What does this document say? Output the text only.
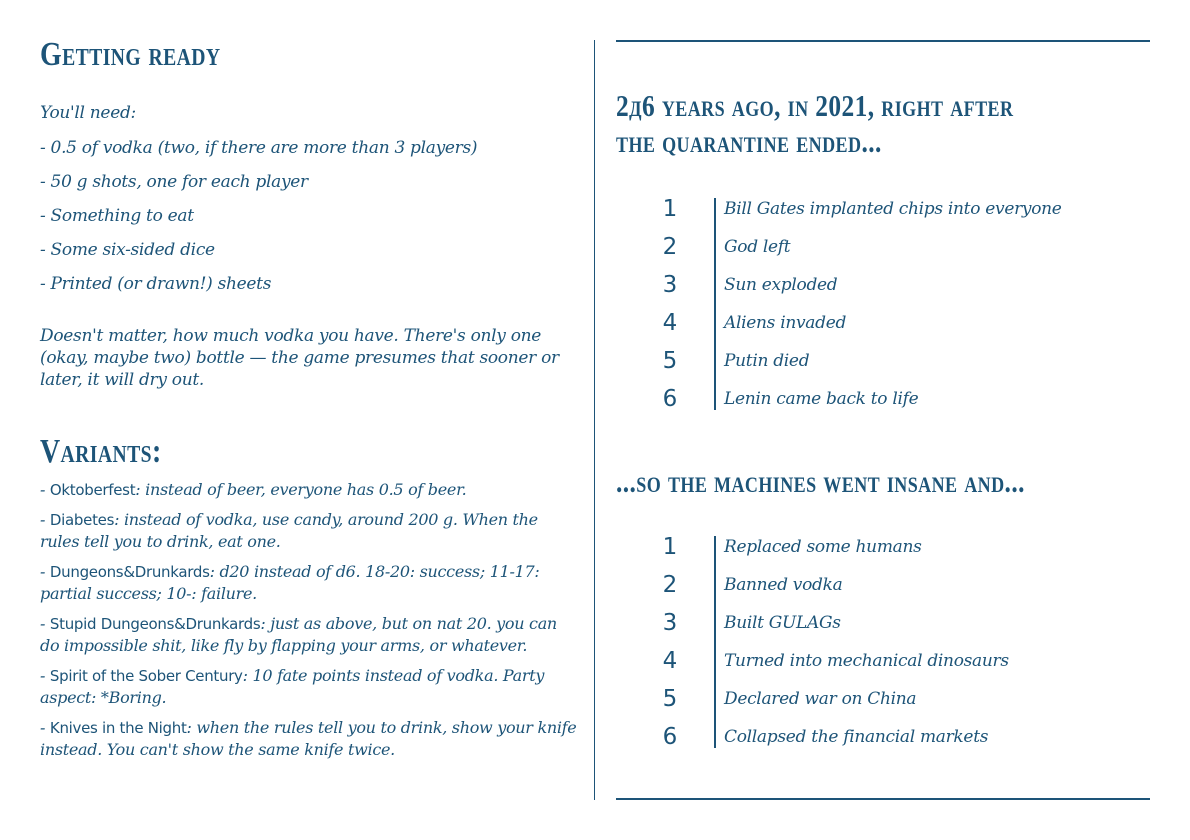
Getting ready
You'll need:
- 0.5 of vodka (two, if there are more than 3 players)
- 50 g shots, one for each player
- Something to eat
- Some six-sided dice
- Printed (or drawn!) sheets
Doesn't matter, how much vodka you have. There's only one (okay, maybe two) bottle — the game presumes that sooner or later, it will dry out.
Variants:
- Oktoberfest: instead of beer, everyone has 0.5 of beer.
- Diabetes: instead of vodka, use candy, around 200 g. When the rules tell you to drink, eat one.
- Dungeons&Drunkards: d20 instead of d6. 18-20: success; 11-17: partial success; 10-: failure.
- Stupid Dungeons&Drunkards: just as above, but on nat 20. you can do impossible shit, like fly by flapping your arms, or whatever.
- Spirit of the Sober Century: 10 fate points instead of vodka. Party aspect: *Boring.
- Knives in the Night: when the rules tell you to drink, show your knife instead. You can't show the same knife twice.
2д6 years ago, in 2021, right after the quarantine ended...
1	Bill Gates implanted chips into everyone
2	God left
3	Sun exploded
4	Aliens invaded
5	Putin died
6	Lenin came back to life
...so the machines went insane and...
1	Replaced some humans
2	Banned vodka
3	Built GULAGs
4	Turned into mechanical dinosaurs
5	Declared war on China
6	Collapsed the financial markets
